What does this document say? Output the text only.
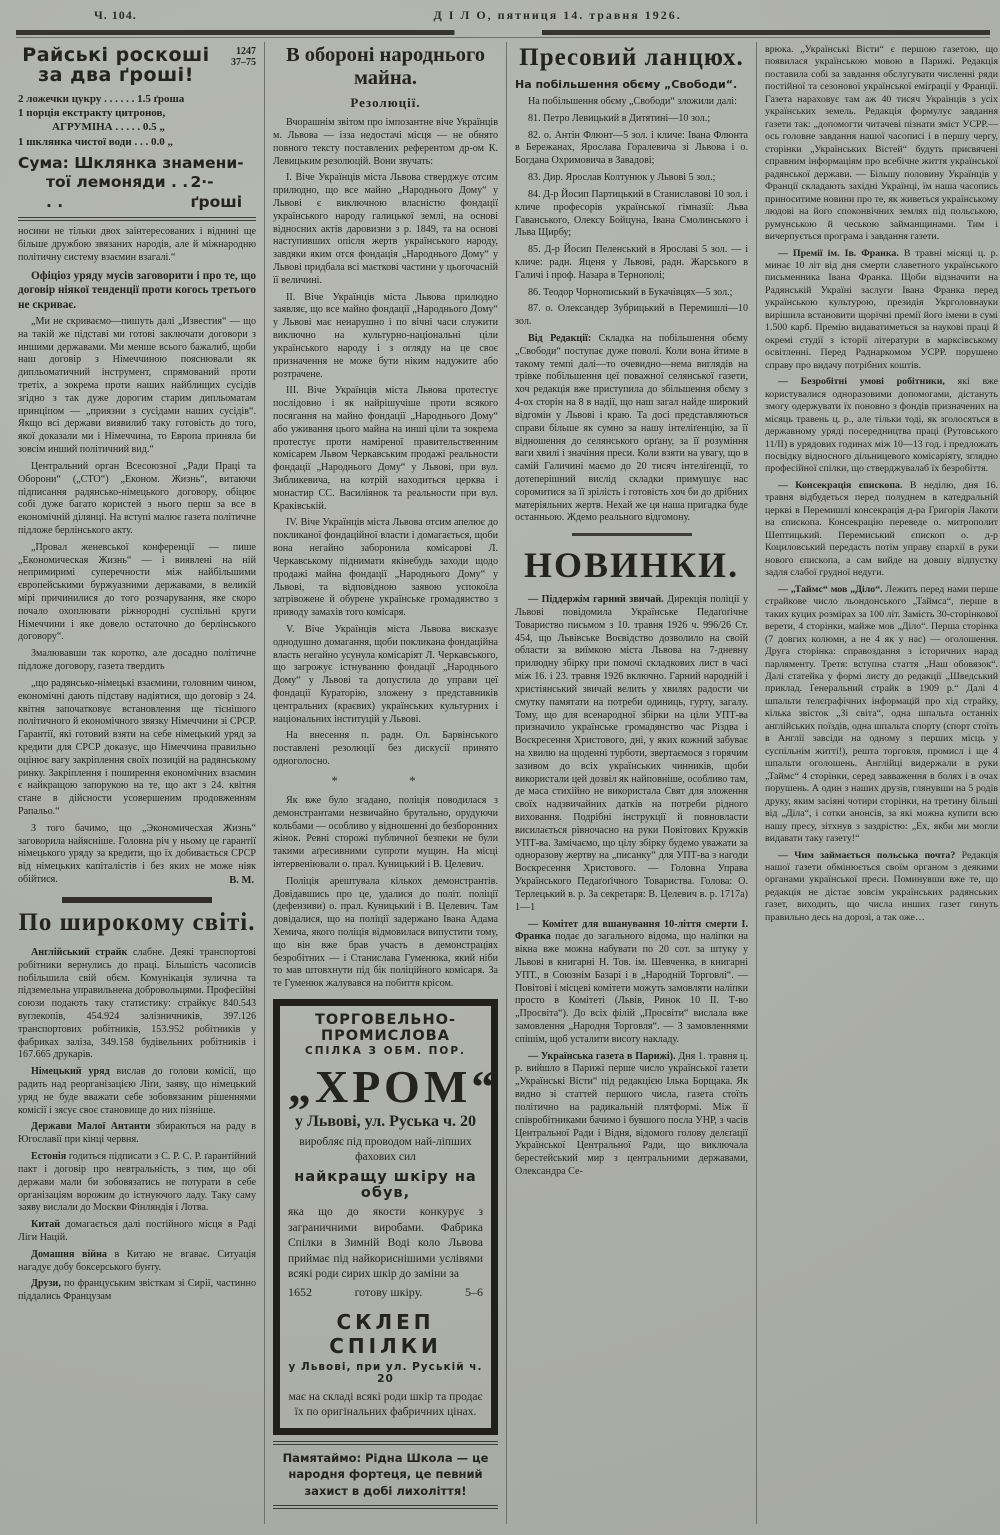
Ч. 104.	Д І Л О, пятниця 14. травня 1926.
Райські роскоші
за два ґроші!
1247
37–75
2 ложечки цукру . . . . . . 1.5 ґроша
1 порція екстракту цитронов,
АГРУМІНА . . . . . 0.5 „
1 шклянка чистої води . . . 0.0 „
Сума: Шклянка знамени-
тої лемоняди . . . .
2·-ґроші

носини не тільки двох заінтересованих і віднині ще більше дружбою звязаних народів, але й міжнародню політичну систему взаємин взагалі.“

Офіціоз уряду мусів заговорити і про те, що договір ніякої тенденції проти когось третього не скриває.

„Ми не скриваємо—пишуть далі „Известия“ — що на такій же підставі ми готові заключати договори з иншими державами. Ми менше всього бажалиб, щоби наш договір з Німеччиною пояснювали як дипльоматичний інструмент, спрямований проти третіх, а зокрема проти наших найблищих сусідів згідно з так дуже дорогим старим дипльоматам принціпом — „приязни з сусідами наших сусідів“. Якщо всі держави виявилиб таку готовість до того, якої доказали ми і Німеччина, то Европа приняла би зовсім инший політичний вид.“

Центральний орган Всесоюзної „Ради Праці та Оборони“ („СТО“) „Економ. Жизнь“, витаючи підписання радянсько-німецького договору, обіцює собі дуже багато користей з нього перш за все в економічній ділянці. На вступі малює газета політичне підложе берлінського акту.

„Провал женевської конференції — пише „Економическая Жизнь“ — і виявлені на ній непримиримі суперечности між найбільшими європейськими буржуазними державами, в великій мірі причинилися до того розчарування, яке скоро почало охоплювати ріжнородні суспільні круги Німеччини і яке довело остаточно до берлінського договору“.

Змалювавши так коротко, але досадно політичне підложе договору, газета твердить

„що радянсько-німецькі взаємини, головним чином, економічні дають підставу надіятися, що договір з 24. квітня започатковує встановлення ще тіснішого політичного й економічного звязку Німеччини зі СРСР. Гарантії, які готовий взяти на себе німецький уряд за кредити для СРСР доказує, що Німеччина правильно оцінює вагу закріплення своїх позицій на радянському ринку. Закріплення і поширення економічних взаємин є найкращою запорукою на те, що акт з 24. квітня стане в дійсности усовершеним продовженням Рапальо.“

З того бачимо, що „Экономичесхая Жизнь“ заговорила найясніше. Головна річ у ньому це гарантії німецького уряду за кредити, що їх добивається СРСР від німецьких капіталістів і без яких не може ніяк обійтися.	В. М.

По широкому світі.

Англійський страйк слабне. Деякі транспортові робітники вернулись до праці. Більшість часописів побільшила свій обєм. Комунікація зулична та підземельна управильнена добровольцями. Професійні союзи подають таку статистику: страйкує 840.543 вуглекопів, 454.924 залізничників, 397.126 транспортових робітників, 153.952 робітників у фабриках заліза, 349.158 будівельних робітників і 167.665 друкарів.

Німецький уряд вислав до голови комісії, що радить над реорганізацією Ліґи, заяву, що німецький уряд не буде вважати себе зобовязаним рішеннями комісії і зясує своє становище до них пізніше.

Держави Малої Антанти збираються на раду в Югославії при кінці червня.

Естонія годиться підписати з С. Р. С. Р. ґарантійний пакт і договір про невтральність, з тим, що обі держави мали би зобовязатись не потурати в себе організаціям ворожим до істнуючого ладу. Таку саму заяву вислали до Москви Фінляндія і Лотва.

Китай домагається далі постійного місця в Раді Ліги Націй.

Домашня війна в Китаю не вгаває. Ситуація нагадує добу боксерського бунту.

Друзи, по француським звісткам зі Сирії, частинно піддались Французам

В обороні народнього майна.
Резолюції.

Вчорашнім звітом про імпозантне віче Українців м. Львова — ізза недостачі місця — не обнято повного тексту поставлених референтом др-ом К. Левицьким резолюцій. Вони звучать:

І. Віче Українців міста Львова стверджує отсим прилюдно, що все майно „Народнього Дому“ у Львові є виключною власністю фондації українського народу галицької землі, на основі відносних актів даровизни з р. 1849, та на основі наступивших опісля жертв українського народу, завдяки яким отся фондація „Народнього Дому“ у Львові придбала всі маєткові частини у цьогочасній її величині.

ІІ. Віче Українців міста Львова прилюдно заявляє, що все майно фондації „Народнього Дому“ у Львові має ненарушно і по вічні часи служити виключно на культурно-національні ціли українського народу і з огляду на це своє призначення не може бути ніким надужите або розтрачене.

ІІІ. Віче Українців міста Львова протестує послідовно і як найрішучіше проти всякого посягання на майно фондації „Народнього Дому“ або уживання цього майна на инші ціли та зокрема протестує проти наміреної правительственним комісарем Львом Черкавським продажі реальности фондації „Народнього Дому“ у Львові, при вул. Зибликевича, на котрій находиться церква і монастир СС. Василіянок та реальности при вул. Краківській.

IV. Віче Українців міста Львова отсим апелює до покликаної фондаційної власти і домагається, щоби вона негайно заборонила комісарові Л. Черкавському піднимати якінебудь заходи щодо продажі майна фондації „Народнього Дому“ у Львові, та відповідною заявою успокоїла затрівожене й обурене українське громадянство з приводу замахів того комісаря.

V. Віче Українців міста Львова висказує однодушно домагання, щоби покликана фондаційна власть негайно усунула комісаріят Л. Черкавського, що загрожує істнуванню фондації „Народнього Дому“ у Львові та допустила до управи цеї фондації Кураторію, зложену з представників центральних (краєвих) українських культурних і національних інституцій у Львові.

На внесення п. радн. Ол. Барвінського поставлені резолюції без дискусії принято одноголосно.

* *

Як вже було згадано, поліція поводилася з демонстрантами незвичайно брутально, орудуючи кольбами — особливо у відношенні до безборонних жінок. Ревні сторожі публичної безпеки не були такими аґресивними супроти мущин. На місці інтервеніювали о. прал. Куницький і В. Целевич.

Поліція арештувала кількох демонстрантів. Довідавшись про це, удалися до політ. поліції (дефензиви) о. прал. Куницький і В. Целевич. Там довідалися, що на поліції задержано Івана Адама Хемича, якого поліція відмовилася випустити тому, що він вже брав участь в демонстраціях безробітних — і Станислава Гуменюка, який ніби то мав штовхнути під бік поліційного комісаря. За те Гуменюк жалувався на побиття крісом.

ТОРГОВЕЛЬНО-ПРОМИСЛОВА
СПІЛКА З ОБМ. ПОР.
„ХРОМ“
у Львові, ул. Руська ч. 20

виробляє під проводом най-ліпших фахових сил

найкращу шкіру на обув,

яка що до якости конкурує з заграничними виробами. Фабрика Спілки в Зимній Воді коло Львова приймає під найкориснішими услівями всякі роди сирих шкір до заміни за

1652	готову шкіру.	5–6
СКЛЕП СПІЛКИ
у Львові, при ул. Руській ч. 20

має на складі всякі роди шкір та продає їх по оригінальних фабричних цінах.

Памятаймо: Рідна Школа — це народня фортеця, це певний захист в добі лихоліття!
Пресовий ланцюх.
На побільшення обєму „Свободи“.

На побільшення обєму „Свободи“ зложили далі:

81. Петро Левицький в Дитятині—10 зол.;

82. о. Антін Флюнт—5 зол. і кличе: Івана Флюнта в Бережанах, Ярослава Горалевича зі Львова і о. Богдана Охримовича в Завадові;

83. Дир. Ярослав Колтунюк у Львові 5 зол.;

84. Д-р Йосип Партицький в Станиславові 10 зол. і кличе професорів української гімназії: Льва Гаванського, Олексу Бойцуна, Івана Смолинського і Льва Щирбу;

85. Д-р Йосип Пеленський в Ярославі 5 зол. — і кличе: радн. Яценя у Львові, радн. Жарського в Галичі і проф. Назара в Тернополі;

86. Теодор Чорнописький в Букачівцях—5 зол.;

87. о. Олександер Зубрицький в Перемишлі—10 зол.

Від Редакції: Складка на побільшення обєму „Свободи“ поступає дуже поволі. Коли вона йтиме в такому темпі далі—то очевидно—нема виглядів на трівке побільшення цеї поважної селянської газети, хоч редакція вже приступила до збільшення обєму з 4-ох сторін на 8 в надії, що наш загал найде широкий відгомін у Львові і краю. Та досі представляються справи більше як сумно за нашу інтеліґенцію, за її відношення до селянського орґану, за її розуміння ваги хвилі і значіння преси. Коли взяти на увагу, що в самій Галичині маємо до 20 тисяч інтеліґенції, то дотеперішний вислід складки примушує нас соромитися за її зрілість і готовість хоч би до дрібних матеріяльних жертв. Нехай же ця наша пригадка буде останньою. Ждемо реального відгомону.

НОВИНКИ.

— Піддержім гарний звичай. Дирекція поліції у Львові повідомила Українське Педаґоґічне Товариство письмом з 10. травня 1926 ч. 996/26 Ст. 454, що Львівське Воєвідство дозволило на своїй области за виїмкою міста Львова на 7-дневну прилюдну збірку при помочі складкових лист в часі між 16. і 23. травня 1926 включно. Гарний народній і христіянський звичай велить у хвилях радости чи смутку памятати на потреби одиниць, гурту, загалу. Тому, що для всенародної збірки на ціли УПТ-ва призначило українське громадянство час Різдва і Воскресення Христового, дні, у яких кожний забуває на хвилю на щоденні турботи, звертаємося з горячим зазивом до всіх українських чинників, щоби використали цей дозвіл як найповніше, особливо там, де маса стихійно не використала Свят для зложення своїх надзвичайних датків на потреби рідного виховання. Подрібні інструкції й повновласти висилається рівночасно на руки Повітових Кружків УПТ-ва. Замічаємо, що цілу збірку будемо уважати за одноразову жертву на „писанку“ для УПТ-ва з нагоди Воскресення Христового. — Головна Управа Українського Педаґоґічного Товариства. Голова: О. Терлецький в. р. За секретаря: В. Целевич в. р. 1717а) 1—1

— Комітет для вшанування 10-ліття смерти І. Франка подає до загального відома, що наліпки на вікна вже можна набувати по 20 сот. за штуку у Львові в книгарні Н. Тов. ім. Шевченка, в книгарні УПТ., в Союзнім Базарі і в „Народній Торговлі“. — Повітові і місцеві комітети можуть замовляти наліпки просто в Комітеті (Львів, Ринок 10 ІІ. Т-во „Просвіта“). До всіх філій „Просвіти“ вислала вже замовлення „Народня Торговля“. — З замовленнями спішім, щоб усталити висоту накладу.

— Українська газета в Парижі). Дня 1. травня ц. р. вийшло в Парижі перше число української газети „Українські Вісти“ під редакцією Ілька Борщака. Як видно зі статтей першого числа, газета стоїть політично на радикальній плятформі. Між її співробітниками бачимо і бувшого посла УНР, з часів Центральної Ради і Відня, відомого голову делєґації Української Центральної Ради, що виключала берестейський мир з центральними державами, Олександра Се-

врюка. „Українські Вісти“ є першою газетою, що появилася українською мовою в Парижі. Редакція поставила собі за завдання обслугувати численні ряди постійної та сезонової української еміґрації у Франції. Газета нараховує там аж 40 тисяч Українців з усіх українських земель. Редакція формулує завдання газети так: „допомогти читачеві пізнати зміст УСРР.— ось головне завдання нашої часописі і в першу чергу, сторінки „Українських Вістей“ будуть присвячені справним інформаціям про всебічне життя української радянської держави. — Більшу половину Українців у Франції складають західні Українці, їм наша часопись приноситиме новини про те, як живеться українському людові на його споконвічних землях під польською, румунською й чеською займанщинами. Тим і вичерпується програма і завдання газети.

— Премії ім. Ів. Франка. В травні місяці ц. р. минає 10 літ від дня смерти славетного українського письменника Івана Франка. Щоби відзначити на Радянській Україні заслуги Івана Франка перед українською культурою, президія Укрголовнауки вирішила встановити щорічні премії його імени в сумі 1.500 карб. Премію видаватиметься за наукові праці й окремі студії з історії літератури в марксівському освітленні. Перед Раднаркомом УСРР. порушено справу про видачу потрібних коштів.

— Безробітні умові робітники, які вже користувалися одноразовими допомогами, дістануть змогу одержувати їх поновно з фондів призначених на місяць травень ц. р., але тільки тоді, як зголосяться в державному уряді посередництва праці (Рутовського 11/ІІ) в урядових годинах між 10—13 год. і предложать посвідку відносного дільницевого комісаріяту, зглядно професійної спілки, що стверджувалаб їх безробіття.

— Консекрація єпископа. В неділю, дня 16. травня відбудеться перед полуднем в катедральній церкві в Перемишлі консекрація д-ра Григорія Лакоти на єпископа. Консекрацію переведе о. митрополит Шептицький. Перемиський єпископ о. д-р Коциловський передасть потім управу єпархії в руки нового єпископа, а сам вийде на довшу відпустку задля слабої грудної недуги.

— „Таймс“ мов „Діло“. Лежить перед нами перше страйкове число льондонського „Таймса“, перше в таких куцих розмірах за 100 літ. Замість 30-сторінкової верети, 4 сторінки, майже мов „Діло“. Перша сторінка (7 довгих колюмн, а не 4 як у нас) — оголошення. Друга сторінка: справоздання з історичних нарад парляменту. Третя: вступна стаття „Наш обовязок“. Далі статейка у формі листу до редакції „Шведський приклад. Ґенеральний страйк в 1909 р.“ Далі 4 шпальти телєґрафічних інформацій про хід страйку, кілька звісток „Зі світа“, одна шпальта останніх англійських поїздів, одна шпальта спорту (спорт стоїть в Англії завсіди на одному з перших місць у суспільнім житті!), решта торговля, промисл і ще 4 шпальти оголошень. Англійці видержали в руки „Таймс“ 4 сторінки, серед завваження в болях і в очах порушень. А один з наших друзів, глянувши на 5 родів друку, яким засіяні чотири сторінки, на третину більші від „Діла“, і сотки анонсів, за які можна купити всю нашу пресу, зітхнув з заздрістю: „Ех, якби ми могли видавати таку газету!“

— Чим займається польська почта? Редакція нашої газети обмінюється своїм органом з деякими органами української преси. Поминувши вже те, що редакція не дістає зовсім українських радянських газет, виходить, що числа инших газет гинуть правильно десь на дорозі, а так оже…
